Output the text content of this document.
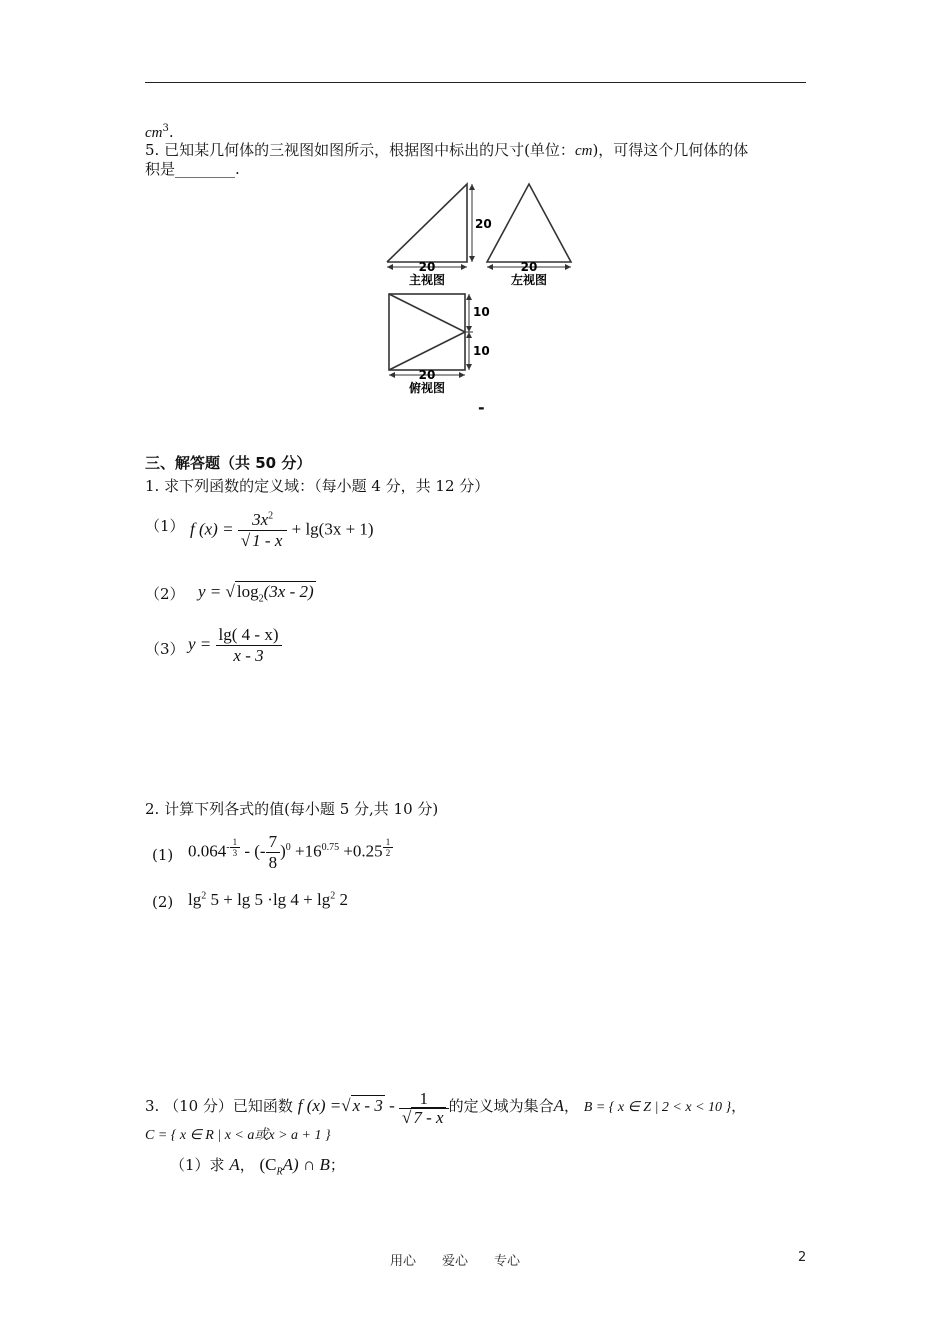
$cm^3$.
5. 已知某几何体的三视图如图所示，根据图中标出的尺寸(单位：cm)，可得这个几何体的体
积是________.
20
主视图
20
20
左视图
10
10
20
俯视图
-
三、解答题（共 50 分）
1. 求下列函数的定义域：（每小题 4 分，共 12 分）
（1） f $(x) = \frac{3x^2}{√ 1 - x} + \lg(3x + 1)$
（2） y = √ $\log_2(3x - 2)$
（3） $y = \frac{\lg( 4 - x)}{x - 3}$
2. 计算下列各式的值(每小题 5 分,共 10 分)
(1) $0.064^{- \frac{1}{3}}$ - (- $\frac{7}{8} )^0 +16^{0.75} +0.25$ $^{\frac{1}{2}}$
(2) $\lg^2 5 + \lg 5 \cdot\lg$ $4 + \lg^2 2$
3. （10 分）已知函数 f (x) =√ x - $3 - \frac{1}{√ 7 - x}$ 的定义域为集合A， B = { x ∈ Z | 2 < x < 10 }，
C = { x ∈ R | x < a或x > a + 1 }
（1）求 A， $(C_RA)$ ∩ B；
用心　　爱心　　专心	2
